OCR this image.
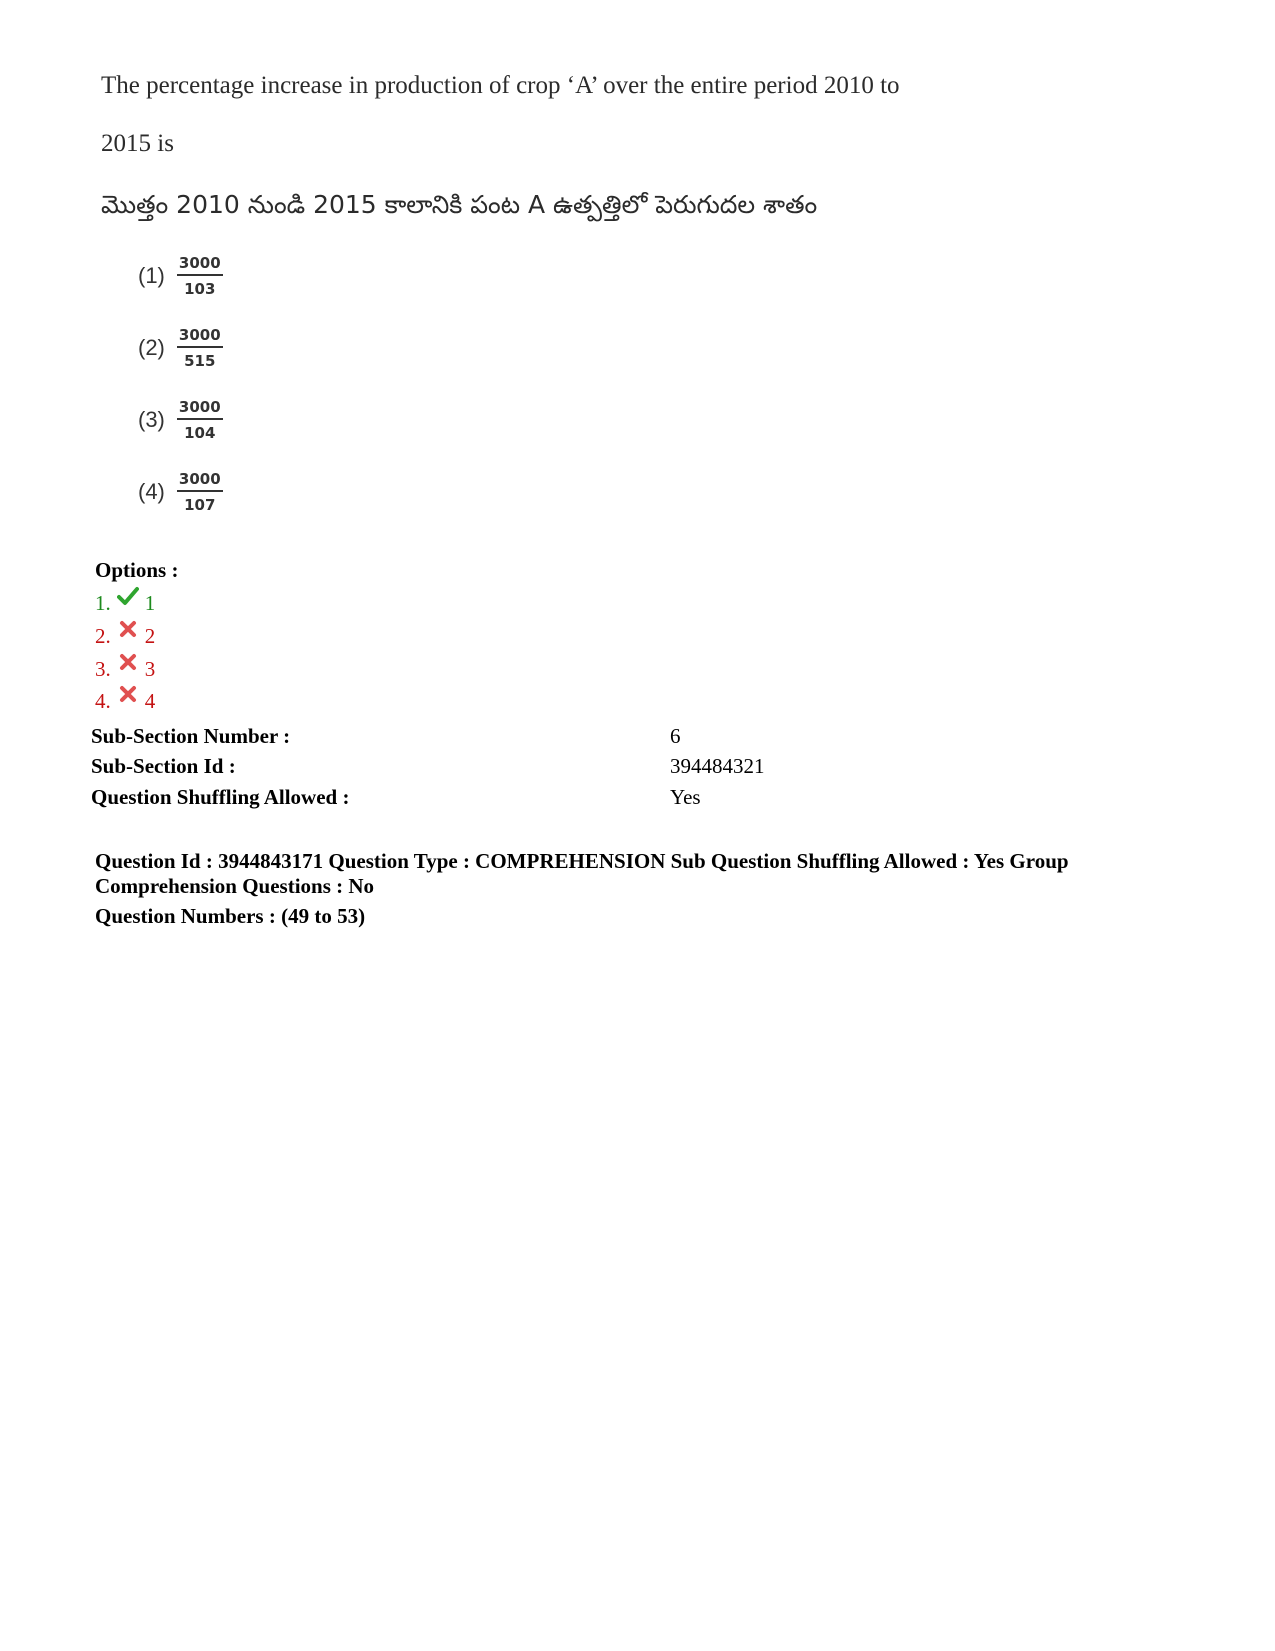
The percentage increase in production of crop ‘A’ over the entire period 2010 to
2015 is
మొత్తం 2010 నుండి 2015 కాలానికి పంట A ఉత్పత్తిలో పెరుగుదల శాతం
$(1) \frac{3000}{103}$
$(2) \frac{3000}{515}$
$(3) \frac{3000}{104}$
$(4) \frac{3000}{107}$
Options :
1. 1
2. 2
3. 3
4. 4
Sub-Section Number :	6
Sub-Section Id :	394484321
Question Shuffling Allowed :	Yes
Question Id : 3944843171 Question Type : COMPREHENSION Sub Question Shuffling Allowed : Yes Group
Comprehension Questions : No
Question Numbers : (49 to 53)
